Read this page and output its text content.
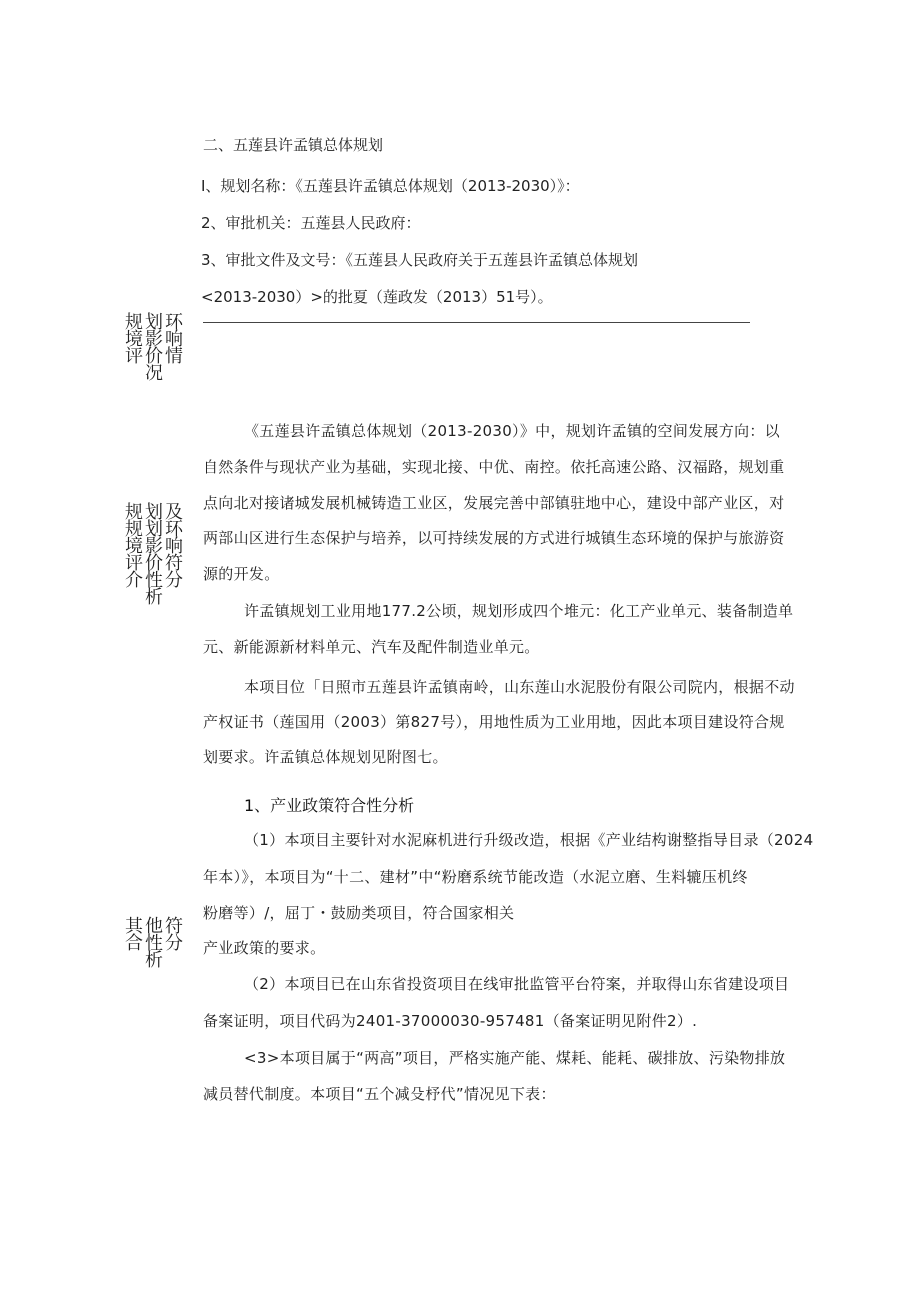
二、五莲县许孟镇总体规划
I、规划名称：《五莲县许孟镇总体规划（2013-2030）》：
2、审批机关：五莲县人民政府：
3、审批文件及文号：《五莲县人民政府关于五莲县许孟镇总体规划
<2013-2030）>的批夏（莲政发（2013）51号）。
环响情
划影价况
规境评
及环响符分
划划影价性析
规规境评介
符分
他性析
其合
《五莲县许孟镇总体规划（2013-2030）》中，规划许孟镇的空间发展方向：以
自然条件与现状产业为基础，实现北接、中优、南控。依托高速公路、汉福路，规划重
点向北对接诸城发展机械铸造工业区，发展完善中部镇驻地中心，建设中部产业区，对
两部山区进行生态保护与培养，以可持续发展的方式进行城镇生态环境的保护与旅游资
源的开发。
许孟镇规划工业用地177.2公顷，规划形成四个堆元：化工产业单元、装备制造单
元、新能源新材料单元、汽车及配件制造业单元。
本项目位「日照市五莲县许孟镇南岭，山东莲山水泥股份有限公司院内，根据不动
产权证书（莲国用（2003）第827号），用地性质为工业用地，因此本项目建设符合规
划要求。许孟镇总体规划见附图七。
1、产业政策符合性分析
（1）本项目主要针对水泥麻机进行升级改造，根据《产业结构谢整指导目录（2024
年本）》，本项目为“十二、建材”中“粉磨系统节能改造（水泥立磨、生料辘压机终
粉磨等）/，屈丁・鼓励类项目，符合国家相关
产业政策的要求。
（2）本项目已在山东省投资项目在线审批监管平台符案，并取得山东省建设项目
备案证明，项目代码为2401-37000030-957481（备案证明见附件2）.
<3>本项目属于“两高”项目，严格实施产能、煤耗、能耗、碳排放、污染物排放
减员替代制度。本项目“五个减殳杼代”情况见下表：
